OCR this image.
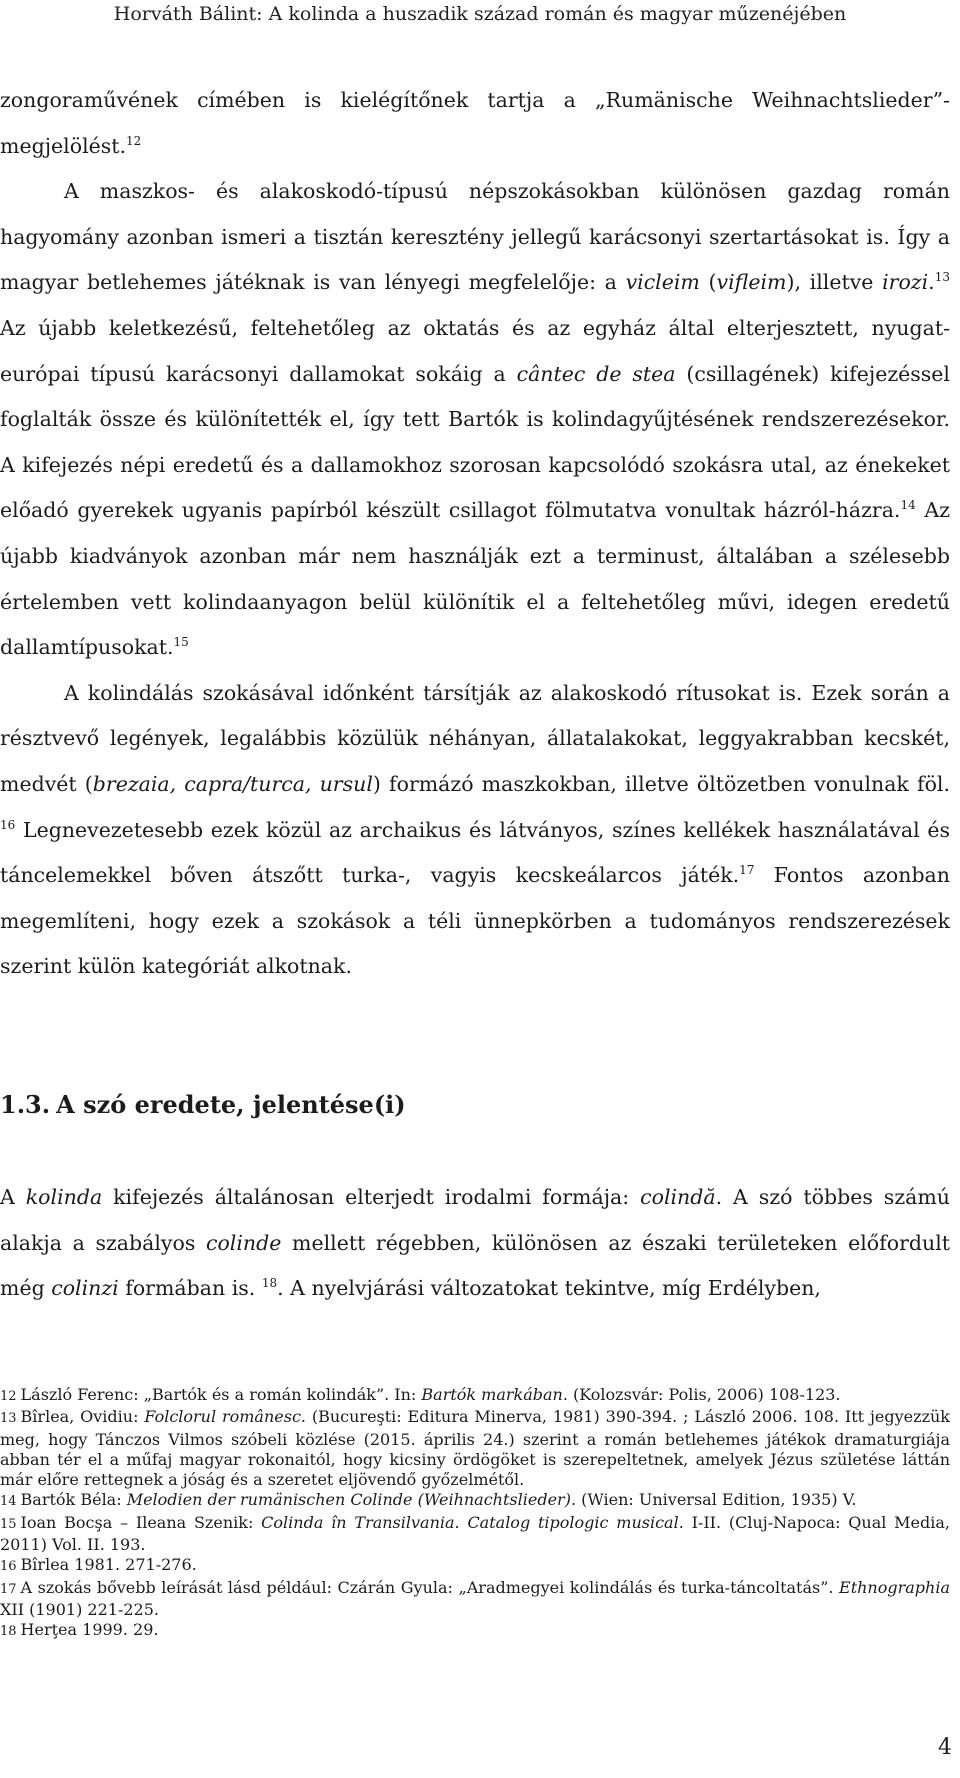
Horváth Bálint: A kolinda a huszadik század román és magyar műzenéjében

zongoraművének címében is kielégítőnek tartja a „Rumänische Weihnachtslieder”-megjelölést.$^{12}$

A maszkos- és alakoskodó-típusú népszokásokban különösen gazdag román hagyomány azonban ismeri a tisztán keresztény jellegű karácsonyi szertartásokat is. Így a magyar betlehemes játéknak is van lényegi megfelelője: a vicleim (vifleim), illetve irozi.$^{13}$ Az újabb keletkezésű, feltehetőleg az oktatás és az egyház által elterjesztett, nyugat-európai típusú karácsonyi dallamokat sokáig a cântec de stea (csillagének) kifejezéssel foglalták össze és különítették el, így tett Bartók is kolindagyűjtésének rendszerezésekor. A kifejezés népi eredetű és a dallamokhoz szorosan kapcsolódó szokásra utal, az énekeket előadó gyerekek ugyanis papírból készült csillagot fölmutatva vonultak házról-házra.$^{14}$ Az újabb kiadványok azonban már nem használják ezt a terminust, általában a szélesebb értelemben vett kolindaanyagon belül különítik el a feltehetőleg művi, idegen eredetű dallamtípusokat.$^{15}$

A kolindálás szokásával időnként társítják az alakoskodó rítusokat is. Ezek során a résztvevő legények, legalábbis közülük néhányan, állatalakokat, leggyakrabban kecskét, medvét (brezaia, capra/turca, ursul) formázó maszkokban, illetve öltözetben vonulnak föl. $^{16}$ Legnevezetesebb ezek közül az archaikus és látványos, színes kellékek használatával és táncelemekkel bőven átszőtt turka-, vagyis kecskeálarcos játék.$^{17}$ Fontos azonban megemlíteni, hogy ezek a szokások a téli ünnepkörben a tudományos rendszerezések szerint külön kategóriát alkotnak.

1.3. A szó eredete, jelentése(i)

A kolinda kifejezés általánosan elterjedt irodalmi formája: colindă. A szó többes számú alakja a szabályos colinde mellett régebben, különösen az északi területeken előfordult még colinzi formában is. $^{18}$. A nyelvjárási változatokat tekintve, míg Erdélyben,

12 László Ferenc: „Bartók és a román kolindák”. In: Bartók markában. (Kolozsvár: Polis, 2006) 108-123.

13 Bîrlea, Ovidiu: Folclorul românesc. (Bucureşti: Editura Minerva, 1981) 390-394. ; László 2006. 108. Itt jegyezzük meg, hogy Tánczos Vilmos szóbeli közlése (2015. április 24.) szerint a román betlehemes játékok dramaturgiája abban tér el a műfaj magyar rokonaitól, hogy kicsiny ördögöket is szerepeltetnek, amelyek Jézus születése láttán már előre rettegnek a jóság és a szeretet eljövendő győzelmétől.

14 Bartók Béla: Melodien der rumänischen Colinde (Weihnachtslieder). (Wien: Universal Edition, 1935) V.

15 Ioan Bocşa – Ileana Szenik: Colinda în Transilvania. Catalog tipologic musical. I-II. (Cluj-Napoca: Qual Media, 2011) Vol. II. 193.

16 Bîrlea 1981. 271-276.

17 A szokás bővebb leírását lásd például: Czárán Gyula: „Aradmegyei kolindálás és turka-táncoltatás”. Ethnographia XII (1901) 221-225.

18 Herţea 1999. 29.

4
